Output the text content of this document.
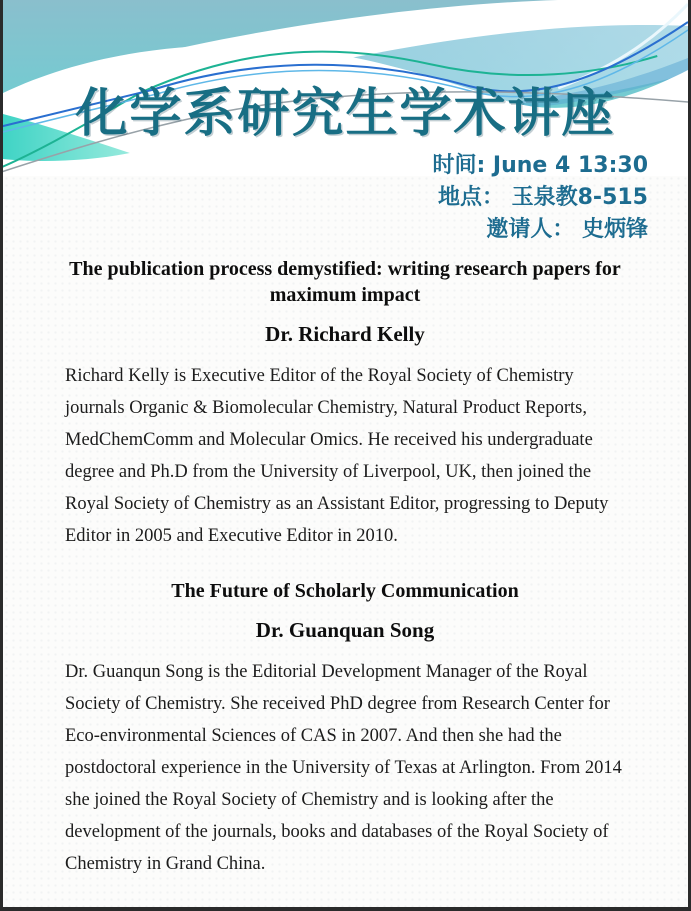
化学系研究生学术讲座
时间: June 4 13:30
地点： 玉泉教8-515
邀请人： 史炳锋
The publication process demystified: writing research papers for maximum impact
Dr. Richard Kelly

Richard Kelly is Executive Editor of the Royal Society of Chemistry journals Organic & Biomolecular Chemistry, Natural Product Reports, MedChemComm and Molecular Omics. He received his undergraduate degree and Ph.D from the University of Liverpool, UK, then joined the Royal Society of Chemistry as an Assistant Editor, progressing to Deputy Editor in 2005 and Executive Editor in 2010.

The Future of Scholarly Communication
Dr. Guanquan Song

Dr. Guanqun Song is the Editorial Development Manager of the Royal Society of Chemistry. She received PhD degree from Research Center for Eco-environmental Sciences of CAS in 2007. And then she had the postdoctoral experience in the University of Texas at Arlington. From 2014 she joined the Royal Society of Chemistry and is looking after the development of the journals, books and databases of the Royal Society of Chemistry in Grand China.
